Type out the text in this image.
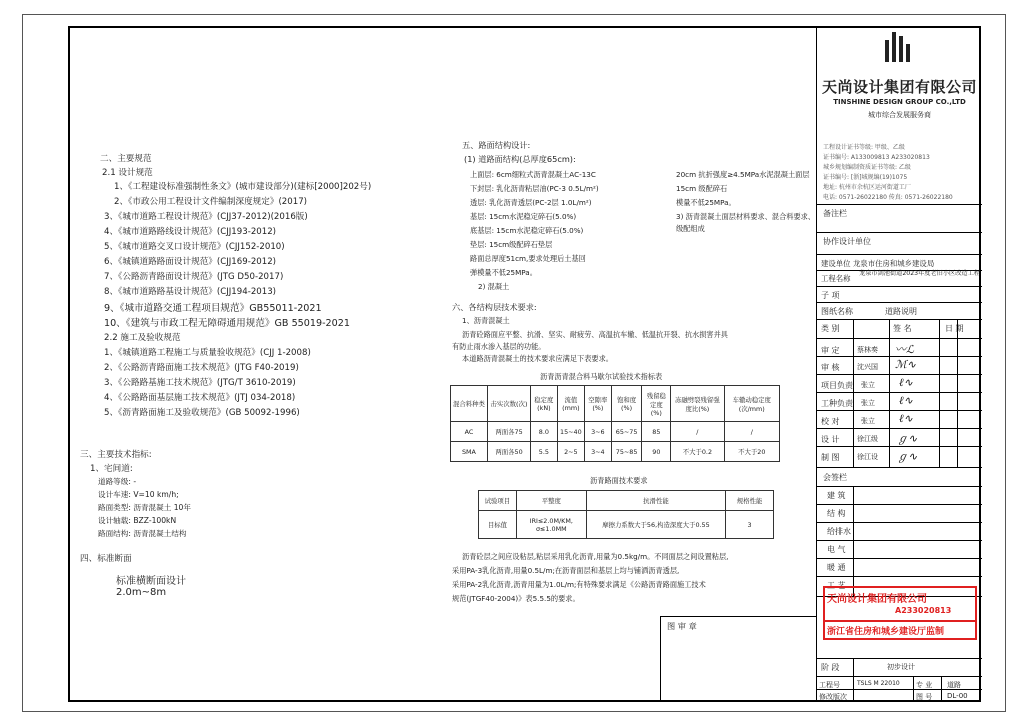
二、主要规范
2.1 设计规范
1、《工程建设标准强制性条文》(城市建设部分)(建标[2000]202号)
2、《市政公用工程设计文件编制深度规定》(2017)
3、《城市道路工程设计规范》(CJJ37-2012)(2016版)
4、《城市道路路线设计规范》(CJJ193-2012)
5、《城市道路交叉口设计规范》(CJJ152-2010)
6、《城镇道路路面设计规范》(CJJ169-2012)
7、《公路沥青路面设计规范》(JTG D50-2017)
8、《城市道路路基设计规范》(CJJ194-2013)
9、《城市道路交通工程项目规范》GB55011-2021
10、《建筑与市政工程无障碍通用规范》GB 55019-2021
2.2 施工及验收规范
1、《城镇道路工程施工与质量验收规范》(CJJ 1-2008)
2、《公路沥青路面施工技术规范》(JTG F40-2019)
3、《公路路基施工技术规范》(JTG/T 3610-2019)
4、《公路路面基层施工技术规范》(JTJ 034-2018)
5、《沥青路面施工及验收规范》(GB 50092-1996)
三、主要技术指标:
1、宅间道:
道路等级: -
设计车速: V=10 km/h;
路面类型: 沥青混凝土 10年
设计轴载: BZZ-100kN
路面结构: 沥青混凝土结构
四、标准断面
标准横断面设计
2.0m~8m
五、路面结构设计:
(1) 道路面结构(总厚度65cm):
上面层: 6cm细粒式沥青混凝土AC-13C
下封层: 乳化沥青粘层油(PC-3 0.5L/m²)
透层: 乳化沥青透层(PC-2层 1.0L/m²)
基层: 15cm水泥稳定碎石(5.0%)
底基层: 15cm水泥稳定碎石(5.0%)
垫层: 15cm级配碎石垫层
路面总厚度51cm,要求处理后土基回
弹模量不低25MPa。
2) 混凝土
20cm 抗折强度≥4.5MPa水泥混凝土面层
15cm 级配碎石
模量不低25MPa。
3) 沥青混凝土面层材料要求、混合料要求、
级配组成
六、各结构层技术要求:
1、沥青混凝土
沥青砼路面应平整、抗滑、坚实、耐疲劳、高温抗车辙、低温抗开裂、抗水损害并具
有防止雨水渗入基层的功能。
本道路沥青混凝土的技术要求应满足下表要求。
沥青沥青混合料马歇尔试验技术指标表
混合料种类	击实次数(次)	稳定度(kN)	流值(mm)	空隙率(%)	饱和度(%)	残留稳定度(%)	冻融劈裂残留强度比(%)	车辙动稳定度(次/mm)
AC	两面各75	8.0	15~40	3~6	65~75	85	/	/
SMA	两面各50	5.5	2~5	3~4	75~85	90	不大于0.2	不大于20
沥青路面技术要求
试验项目	平整度	抗滑性能	规格性能
目标值	IRI≤2.0M/KM, σ≤1.0MM	摩擦力系数大于56,构造深度大于0.55	3
沥青砼层之间应设粘层,粘层采用乳化沥青,用量为0.5kg/m。不同面层之间设置粘层,
采用PA-3乳化沥青,用量0.5L/m;在沥青面层和基层上均与铺洒沥青透层,
采用PA-2乳化沥青,沥青用量为1.0L/m;有特殊要求满足《公路沥青路面施工技术
规范(JTGF40-2004)》表5.5.5的要求。
图 审 章
天尚设计集团有限公司
TINSHINE DESIGN GROUP CO.,LTD
城市综合发展服务商
工程设计证书等级: 甲级、乙级
证书编号: A133009813 A233020813
城乡规划编制资质证书等级: 乙级
证书编号: [浙]城规编(19)1075
地址: 杭州市余杭区运河街道工厂
电话: 0571-26022180 传真: 0571-26022180
备注栏
协作设计单位
建设单位 龙泉市住房和城乡建设局
工程名称
龙泉市剑池街道2023年度老旧小区改造工程
子 项
图纸名称	道路说明
类 别	签 名	日 期
审 定 蔡林奏 〰ℒ
审 核 沈兴国 ℳ∿
项目负责 张立 ℓ∿
工种负责 张立 ℓ∿
校 对	张立 ℓ∿
设 计 徐江级 ℊ∿
制 图 徐江设 ℊ∿
会签栏
建 筑
结 构
给排水
电 气
暖 通
工 艺
天尚设计集团有限公司
A233020813
浙江省住房和城乡建设厅监制
阶 段	初步设计
工程号	TSLS M 22010 专 业 道路
修改版次	图 号 DL-00
